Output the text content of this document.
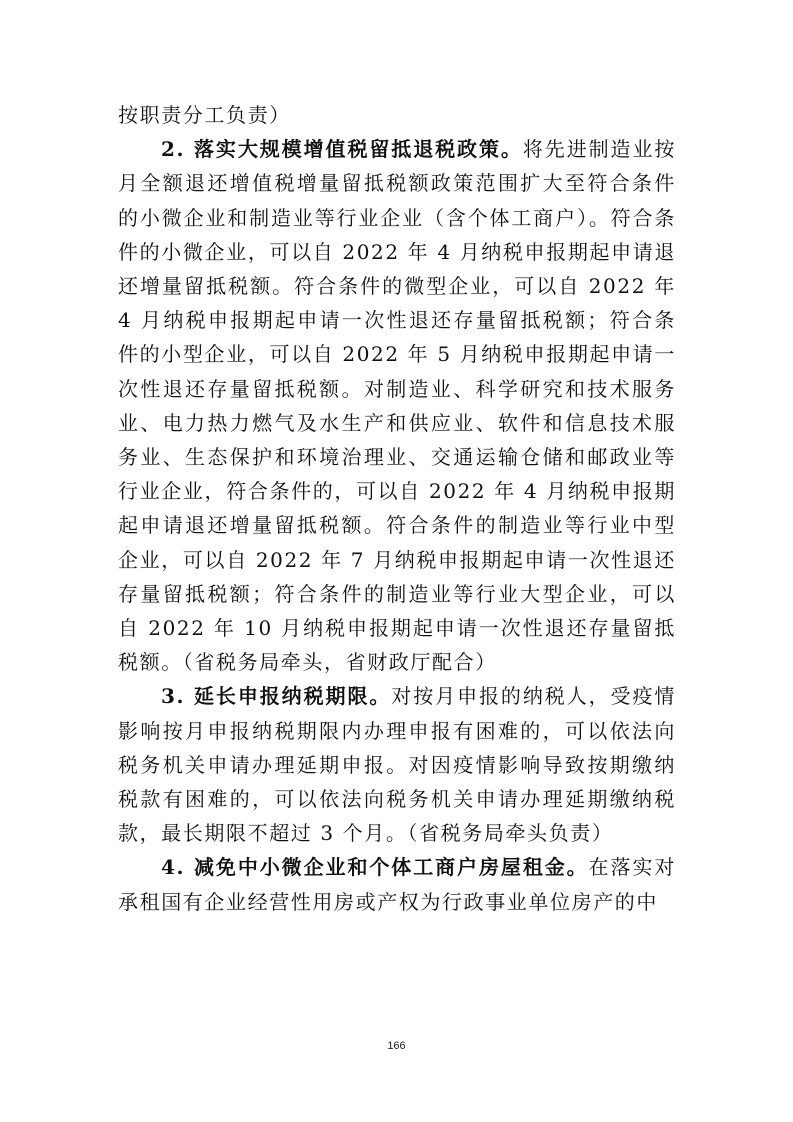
按职责分工负责）

2. 落实大规模增值税留抵退税政策。将先进制造业按月全额退还增值税增量留抵税额政策范围扩大至符合条件的小微企业和制造业等行业企业（含个体工商户）。符合条件的小微企业，可以自 2022 年 4 月纳税申报期起申请退还增量留抵税额。符合条件的微型企业，可以自 2022 年 4 月纳税申报期起申请一次性退还存量留抵税额；符合条件的小型企业，可以自 2022 年 5 月纳税申报期起申请一次性退还存量留抵税额。对制造业、科学研究和技术服务业、电力热力燃气及水生产和供应业、软件和信息技术服务业、生态保护和环境治理业、交通运输仓储和邮政业等行业企业，符合条件的，可以自 2022 年 4 月纳税申报期起申请退还增量留抵税额。符合条件的制造业等行业中型企业，可以自 2022 年 7 月纳税申报期起申请一次性退还存量留抵税额；符合条件的制造业等行业大型企业，可以自 2022 年 10 月纳税申报期起申请一次性退还存量留抵税额。（省税务局牵头，省财政厅配合）

3. 延长申报纳税期限。对按月申报的纳税人，受疫情影响按月申报纳税期限内办理申报有困难的，可以依法向税务机关申请办理延期申报。对因疫情影响导致按期缴纳税款有困难的，可以依法向税务机关申请办理延期缴纳税款，最长期限不超过 3 个月。（省税务局牵头负责）

4. 减免中小微企业和个体工商户房屋租金。在落实对承租国有企业经营性用房或产权为行政事业单位房产的中

166
